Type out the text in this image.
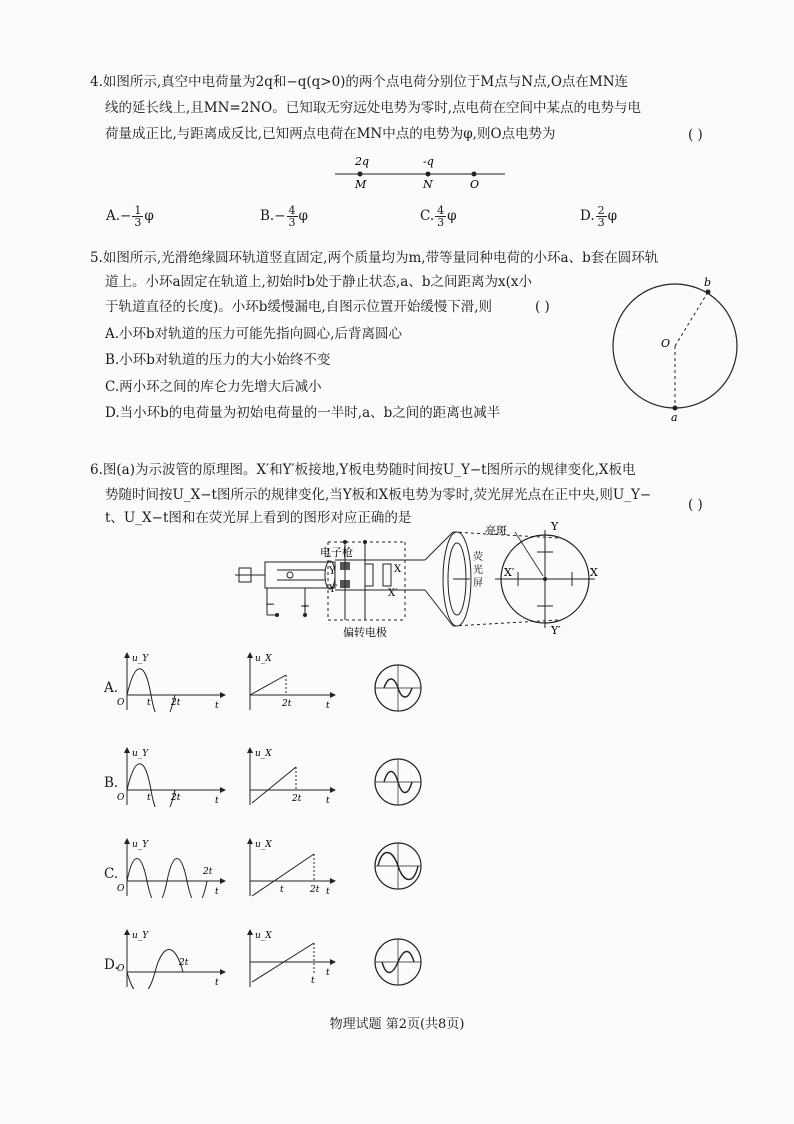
4.如图所示,真空中电荷量为2q和−q(q>0)的两个点电荷分别位于M点与N点,O点在MN连
线的延长线上,且MN=2NO。已知取无穷远处电势为零时,点电荷在空间中某点的电势与电
荷量成正比,与距离成反比,已知两点电荷在MN中点的电势为φ,则O点电势为	( )
2q	-q
M	N	O
$A.- \frac{1}{3}$ φ	$B.- \frac{4}{3}$ φ	C. $\frac{4}{3}$ φ	D. $\frac{2}{3}$ φ
5.如图所示,光滑绝缘圆环轨道竖直固定,两个质量均为m,带等量同种电荷的小环a、b套在圆环轨
道上。小环a固定在轨道上,初始时b处于静止状态,a、b之间距离为x(x小
于轨道直径的长度)。小环b缓慢漏电,自图示位置开始缓慢下滑,则	( )
A.小环b对轨道的压力可能先指向圆心,后背离圆心
B.小环b对轨道的压力的大小始终不变
C.两小环之间的库仑力先增大后减小
D.当小环b的电荷量为初始电荷量的一半时,a、b之间的距离也减半
b
O
a
6.图(a)为示波管的原理图。X′和Y′板接地,Y板电势随时间按U_Y−t图所示的规律变化,X板电
势随时间按U_X−t图所示的规律变化,当Y板和X板电势为零时,荧光屏光点在正中央,则U_Y−
t、U_X−t图和在荧光屏上看到的图形对应正确的是
( )
电子枪
亮斑
荧
光
屏
偏转电极
Y
Y′
X
X′
Y
Y′
X
X′
− +
A.
B.
C.
D.
u_Y
O	t 2t	t
u_X
2t	t
u_Y
O	t 2t	t
u_X
2t	t
u_Y
O
2t
t
u_X
t	2t t
u_Y
O
2t
t
u_X
t
t
物理试题 第2页(共8页)
